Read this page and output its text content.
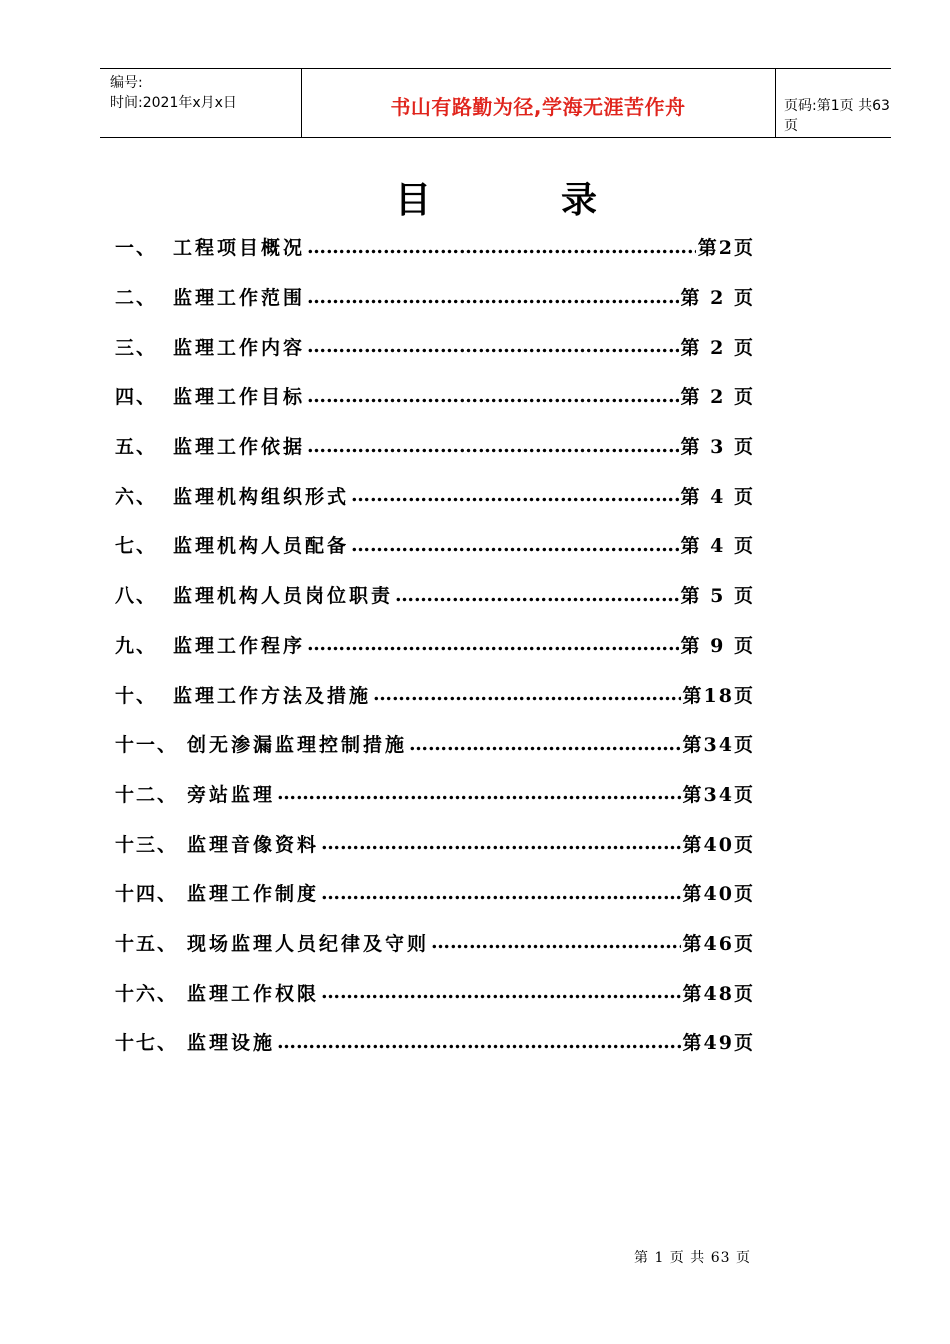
编号:
时间:2021年x月x日	书山有路勤为径,学海无涯苦作舟	页码:第1页 共63页
目	录
一、 工程项目概况 …………………………………………………………………………………………………………………………	第2页
二、 监理工作范围 …………………………………………………………………………………………………………………………	第 2 页
三、 监理工作内容 …………………………………………………………………………………………………………………………	第 2 页
四、 监理工作目标 …………………………………………………………………………………………………………………………	第 2 页
五、 监理工作依据 …………………………………………………………………………………………………………………………	第 3 页
六、 监理机构组织形式 …………………………………………………………………………………………………………………………	第 4 页
七、 监理机构人员配备 …………………………………………………………………………………………………………………………	第 4 页
八、 监理机构人员岗位职责 …………………………………………………………………………………………………………………………	第 5 页
九、 监理工作程序 …………………………………………………………………………………………………………………………	第 9 页
十、 监理工作方法及措施 …………………………………………………………………………………………………………………………	第18页
十一、 创无渗漏监理控制措施 …………………………………………………………………………………………………………………………	第34页
十二、 旁站监理 …………………………………………………………………………………………………………………………	第34页
十三、 监理音像资料 …………………………………………………………………………………………………………………………	第40页
十四、 监理工作制度 …………………………………………………………………………………………………………………………	第40页
十五、 现场监理人员纪律及守则 …………………………………………………………………………………………………………………………	第46页
十六、 监理工作权限 …………………………………………………………………………………………………………………………	第48页
十七、 监理设施 …………………………………………………………………………………………………………………………	第49页
第 1 页 共 63 页
